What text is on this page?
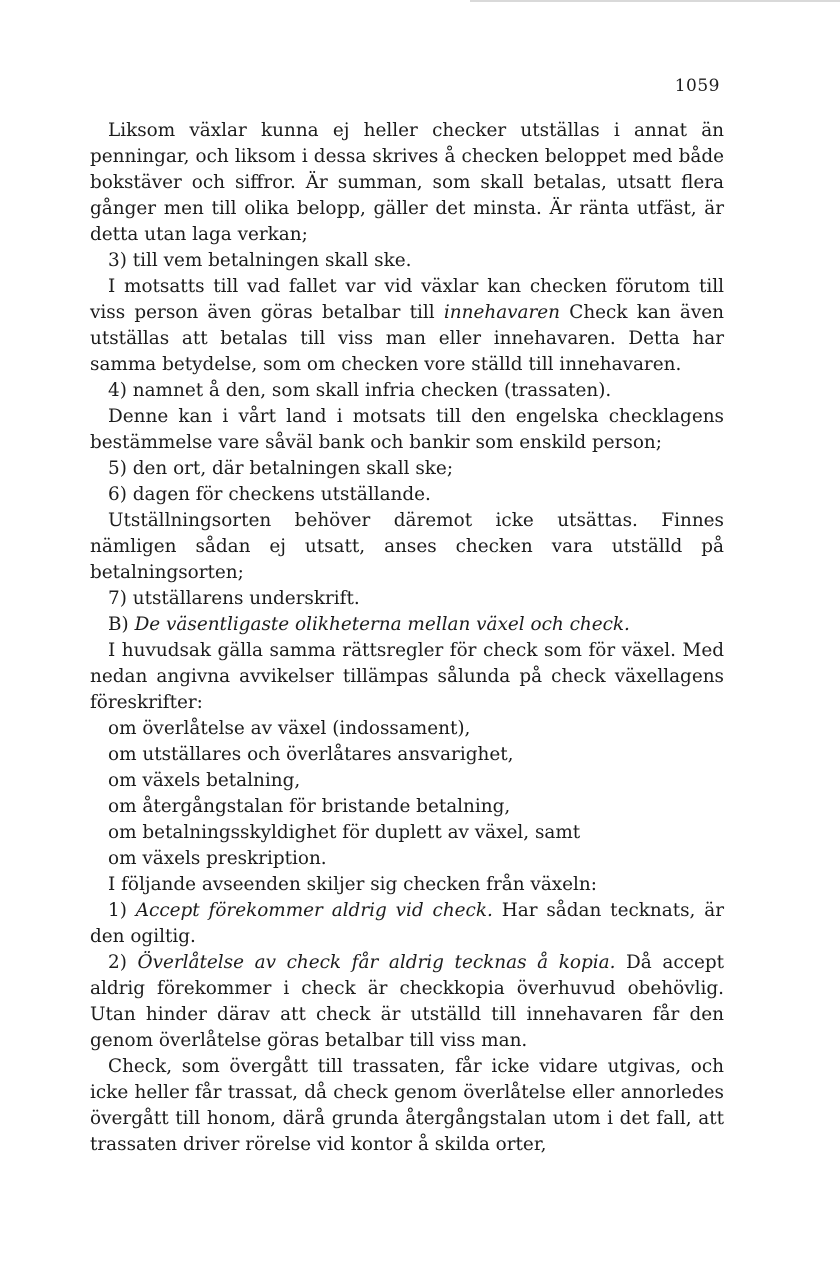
1059

Liksom växlar kunna ej heller checker utställas i annat än penningar, och liksom i dessa skrives å checken beloppet med både bokstäver och siffror. Är summan, som skall betalas, utsatt flera gånger men till olika belopp, gäller det minsta. Är ränta utfäst, är detta utan laga verkan;

3) till vem betalningen skall ske.

I motsatts till vad fallet var vid växlar kan checken förutom till viss person även göras betalbar till innehavaren Check kan även utställas att betalas till viss man eller innehavaren. Detta har samma betydelse, som om checken vore ställd till innehavaren.

4) namnet å den, som skall infria checken (trassaten).

Denne kan i vårt land i motsats till den engelska checklagens bestämmelse vare såväl bank och bankir som enskild person;

5) den ort, där betalningen skall ske;

6) dagen för checkens utställande.

Utställningsorten behöver däremot icke utsättas. Finnes nämligen sådan ej utsatt, anses checken vara utställd på betalningsorten;

7) utställarens underskrift.

B) De väsentligaste olikheterna mellan växel och check.

I huvudsak gälla samma rättsregler för check som för växel. Med nedan angivna avvikelser tillämpas sålunda på check växellagens föreskrifter:

om överlåtelse av växel (indossament),

om utställares och överlåtares ansvarighet,

om växels betalning,

om återgångstalan för bristande betalning,

om betalningsskyldighet för duplett av växel, samt

om växels preskription.

I följande avseenden skiljer sig checken från växeln:

1) Accept förekommer aldrig vid check. Har sådan tecknats, är den ogiltig.

2) Överlåtelse av check får aldrig tecknas å kopia. Då accept aldrig förekommer i check är checkkopia överhuvud obehövlig. Utan hinder därav att check är utställd till innehavaren får den genom överlåtelse göras betalbar till viss man.

Check, som övergått till trassaten, får icke vidare utgivas, och icke heller får trassat, då check genom överlåtelse eller annorledes övergått till honom, därå grunda återgångstalan utom i det fall, att trassaten driver rörelse vid kontor å skilda orter,
